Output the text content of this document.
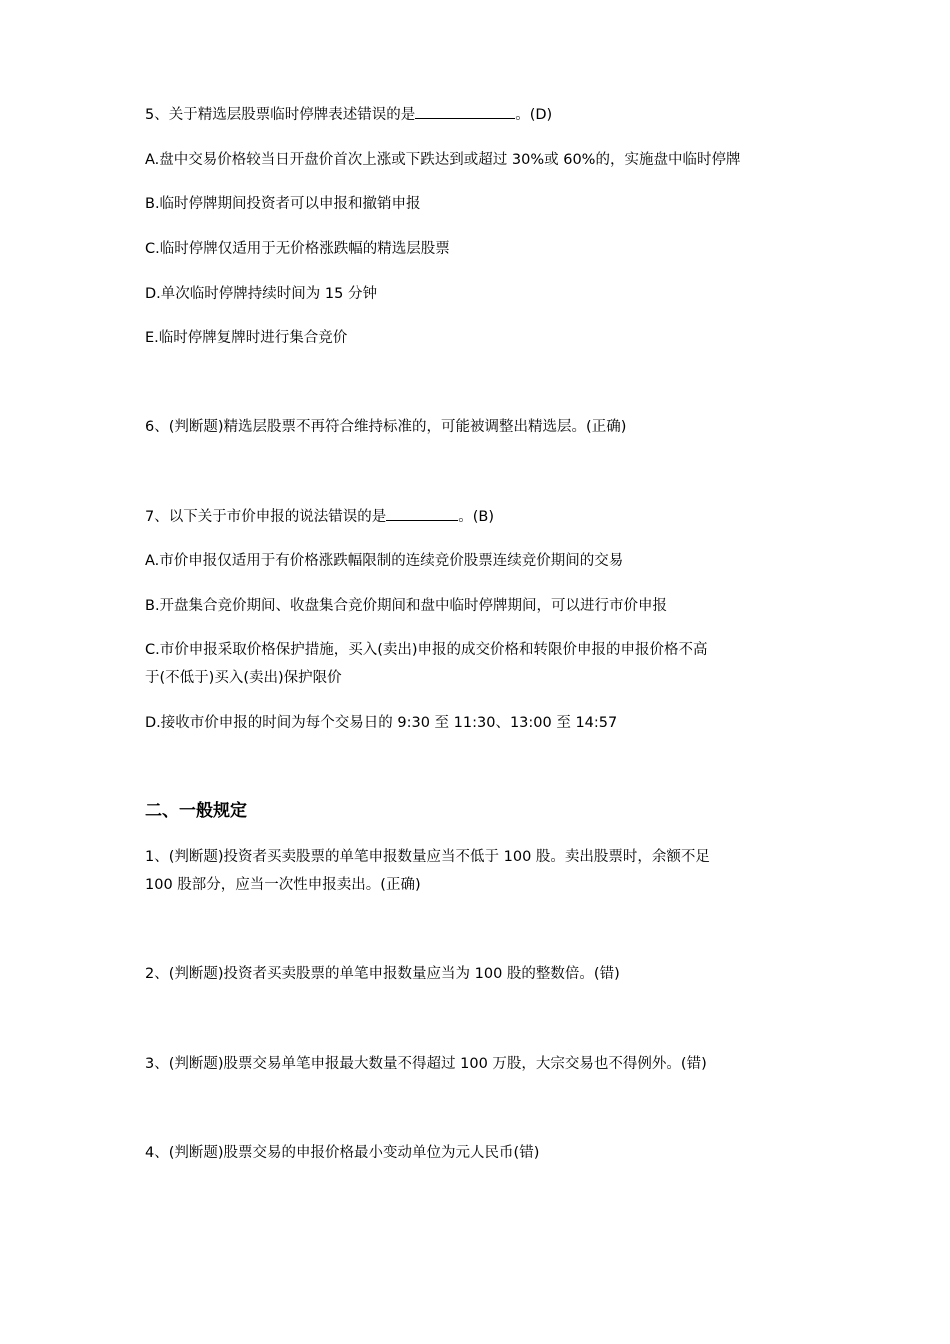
5、关于精选层股票临时停牌表述错误的是	。(D)
A.盘中交易价格较当日开盘价首次上涨或下跌达到或超过 30%或 60%的，实施盘中临时停牌
B.临时停牌期间投资者可以申报和撤销申报
C.临时停牌仅适用于无价格涨跌幅的精选层股票
D.单次临时停牌持续时间为 15 分钟
E.临时停牌复牌时进行集合竞价
6、(判断题)精选层股票不再符合维持标准的，可能被调整出精选层。(正确)
7、以下关于市价申报的说法错误的是	。(B)
A.市价申报仅适用于有价格涨跌幅限制的连续竞价股票连续竞价期间的交易
B.开盘集合竞价期间、收盘集合竞价期间和盘中临时停牌期间，可以进行市价申报
C.市价申报采取价格保护措施，买入(卖出)申报的成交价格和转限价申报的申报价格不高
于(不低于)买入(卖出)保护限价
D.接收市价申报的时间为每个交易日的 9:30 至 11:30、13:00 至 14:57
二、一般规定
1、(判断题)投资者买卖股票的单笔申报数量应当不低于 100 股。卖出股票时，余额不足
100 股部分，应当一次性申报卖出。(正确)
2、(判断题)投资者买卖股票的单笔申报数量应当为 100 股的整数倍。(错)
3、(判断题)股票交易单笔申报最大数量不得超过 100 万股，大宗交易也不得例外。(错)
4、(判断题)股票交易的申报价格最小变动单位为元人民币(错)
